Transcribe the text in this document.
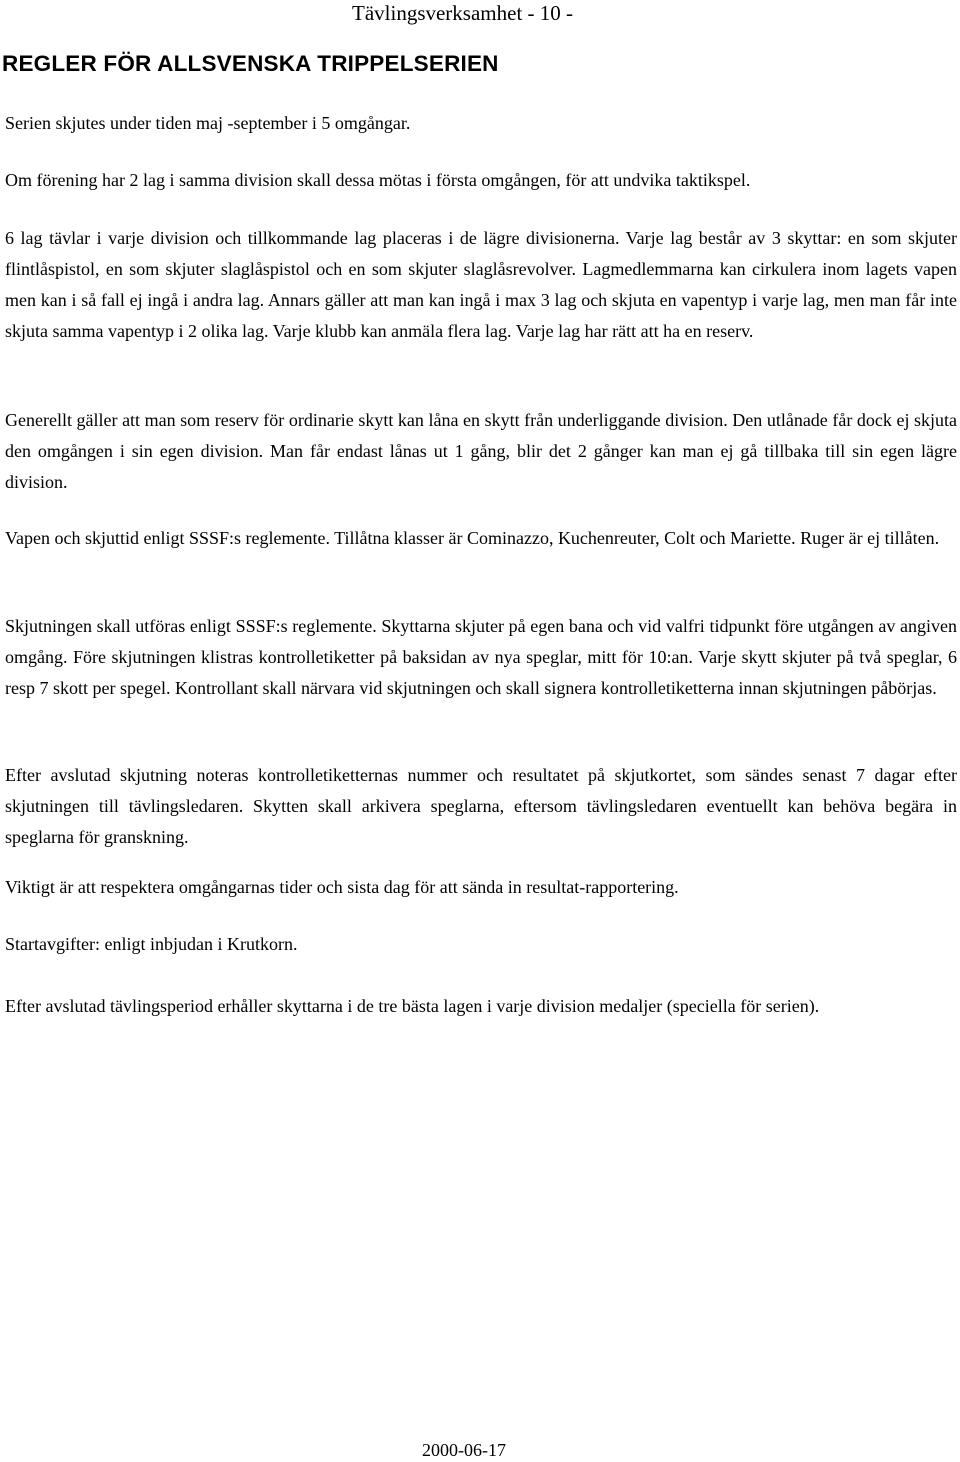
Tävlingsverksamhet - 10 -
REGLER FÖR ALLSVENSKA TRIPPELSERIEN

Serien skjutes under tiden maj -september i 5 omgångar.

Om förening har 2 lag i samma division skall dessa mötas i första omgången, för att undvika taktikspel.

6 lag tävlar i varje division och tillkommande lag placeras i de lägre divisionerna. Varje lag består av 3 skyttar: en som skjuter flintlåspistol, en som skjuter slaglåspistol och en som skjuter slaglåsrevolver. Lagmedlemmarna kan cirkulera inom lagets vapen men kan i så fall ej ingå i andra lag. Annars gäller att man kan ingå i max 3 lag och skjuta en vapentyp i varje lag, men man får inte skjuta samma vapentyp i 2 olika lag. Varje klubb kan anmäla flera lag. Varje lag har rätt att ha en reserv.

Generellt gäller att man som reserv för ordinarie skytt kan låna en skytt från underliggande division. Den utlånade får dock ej skjuta den omgången i sin egen division. Man får endast lånas ut 1 gång, blir det 2 gånger kan man ej gå tillbaka till sin egen lägre division.

Vapen och skjuttid enligt SSSF:s reglemente. Tillåtna klasser är Cominazzo, Kuchenreuter, Colt och Mariette. Ruger är ej tillåten.

Skjutningen skall utföras enligt SSSF:s reglemente. Skyttarna skjuter på egen bana och vid valfri tidpunkt före utgången av angiven omgång. Före skjutningen klistras kontrolletiketter på baksidan av nya speglar, mitt för 10:an. Varje skytt skjuter på två speglar, 6 resp 7 skott per spegel. Kontrollant skall närvara vid skjutningen och skall signera kontrolletiketterna innan skjutningen påbörjas.

Efter avslutad skjutning noteras kontrolletiketternas nummer och resultatet på skjutkortet, som sändes senast 7 dagar efter skjutningen till tävlingsledaren. Skytten skall arkivera speglarna, eftersom tävlingsledaren eventuellt kan behöva begära in speglarna för granskning.

Viktigt är att respektera omgångarnas tider och sista dag för att sända in resultat-rapportering.

Startavgifter: enligt inbjudan i Krutkorn.

Efter avslutad tävlingsperiod erhåller skyttarna i de tre bästa lagen i varje division medaljer (speciella för serien).

2000-06-17
